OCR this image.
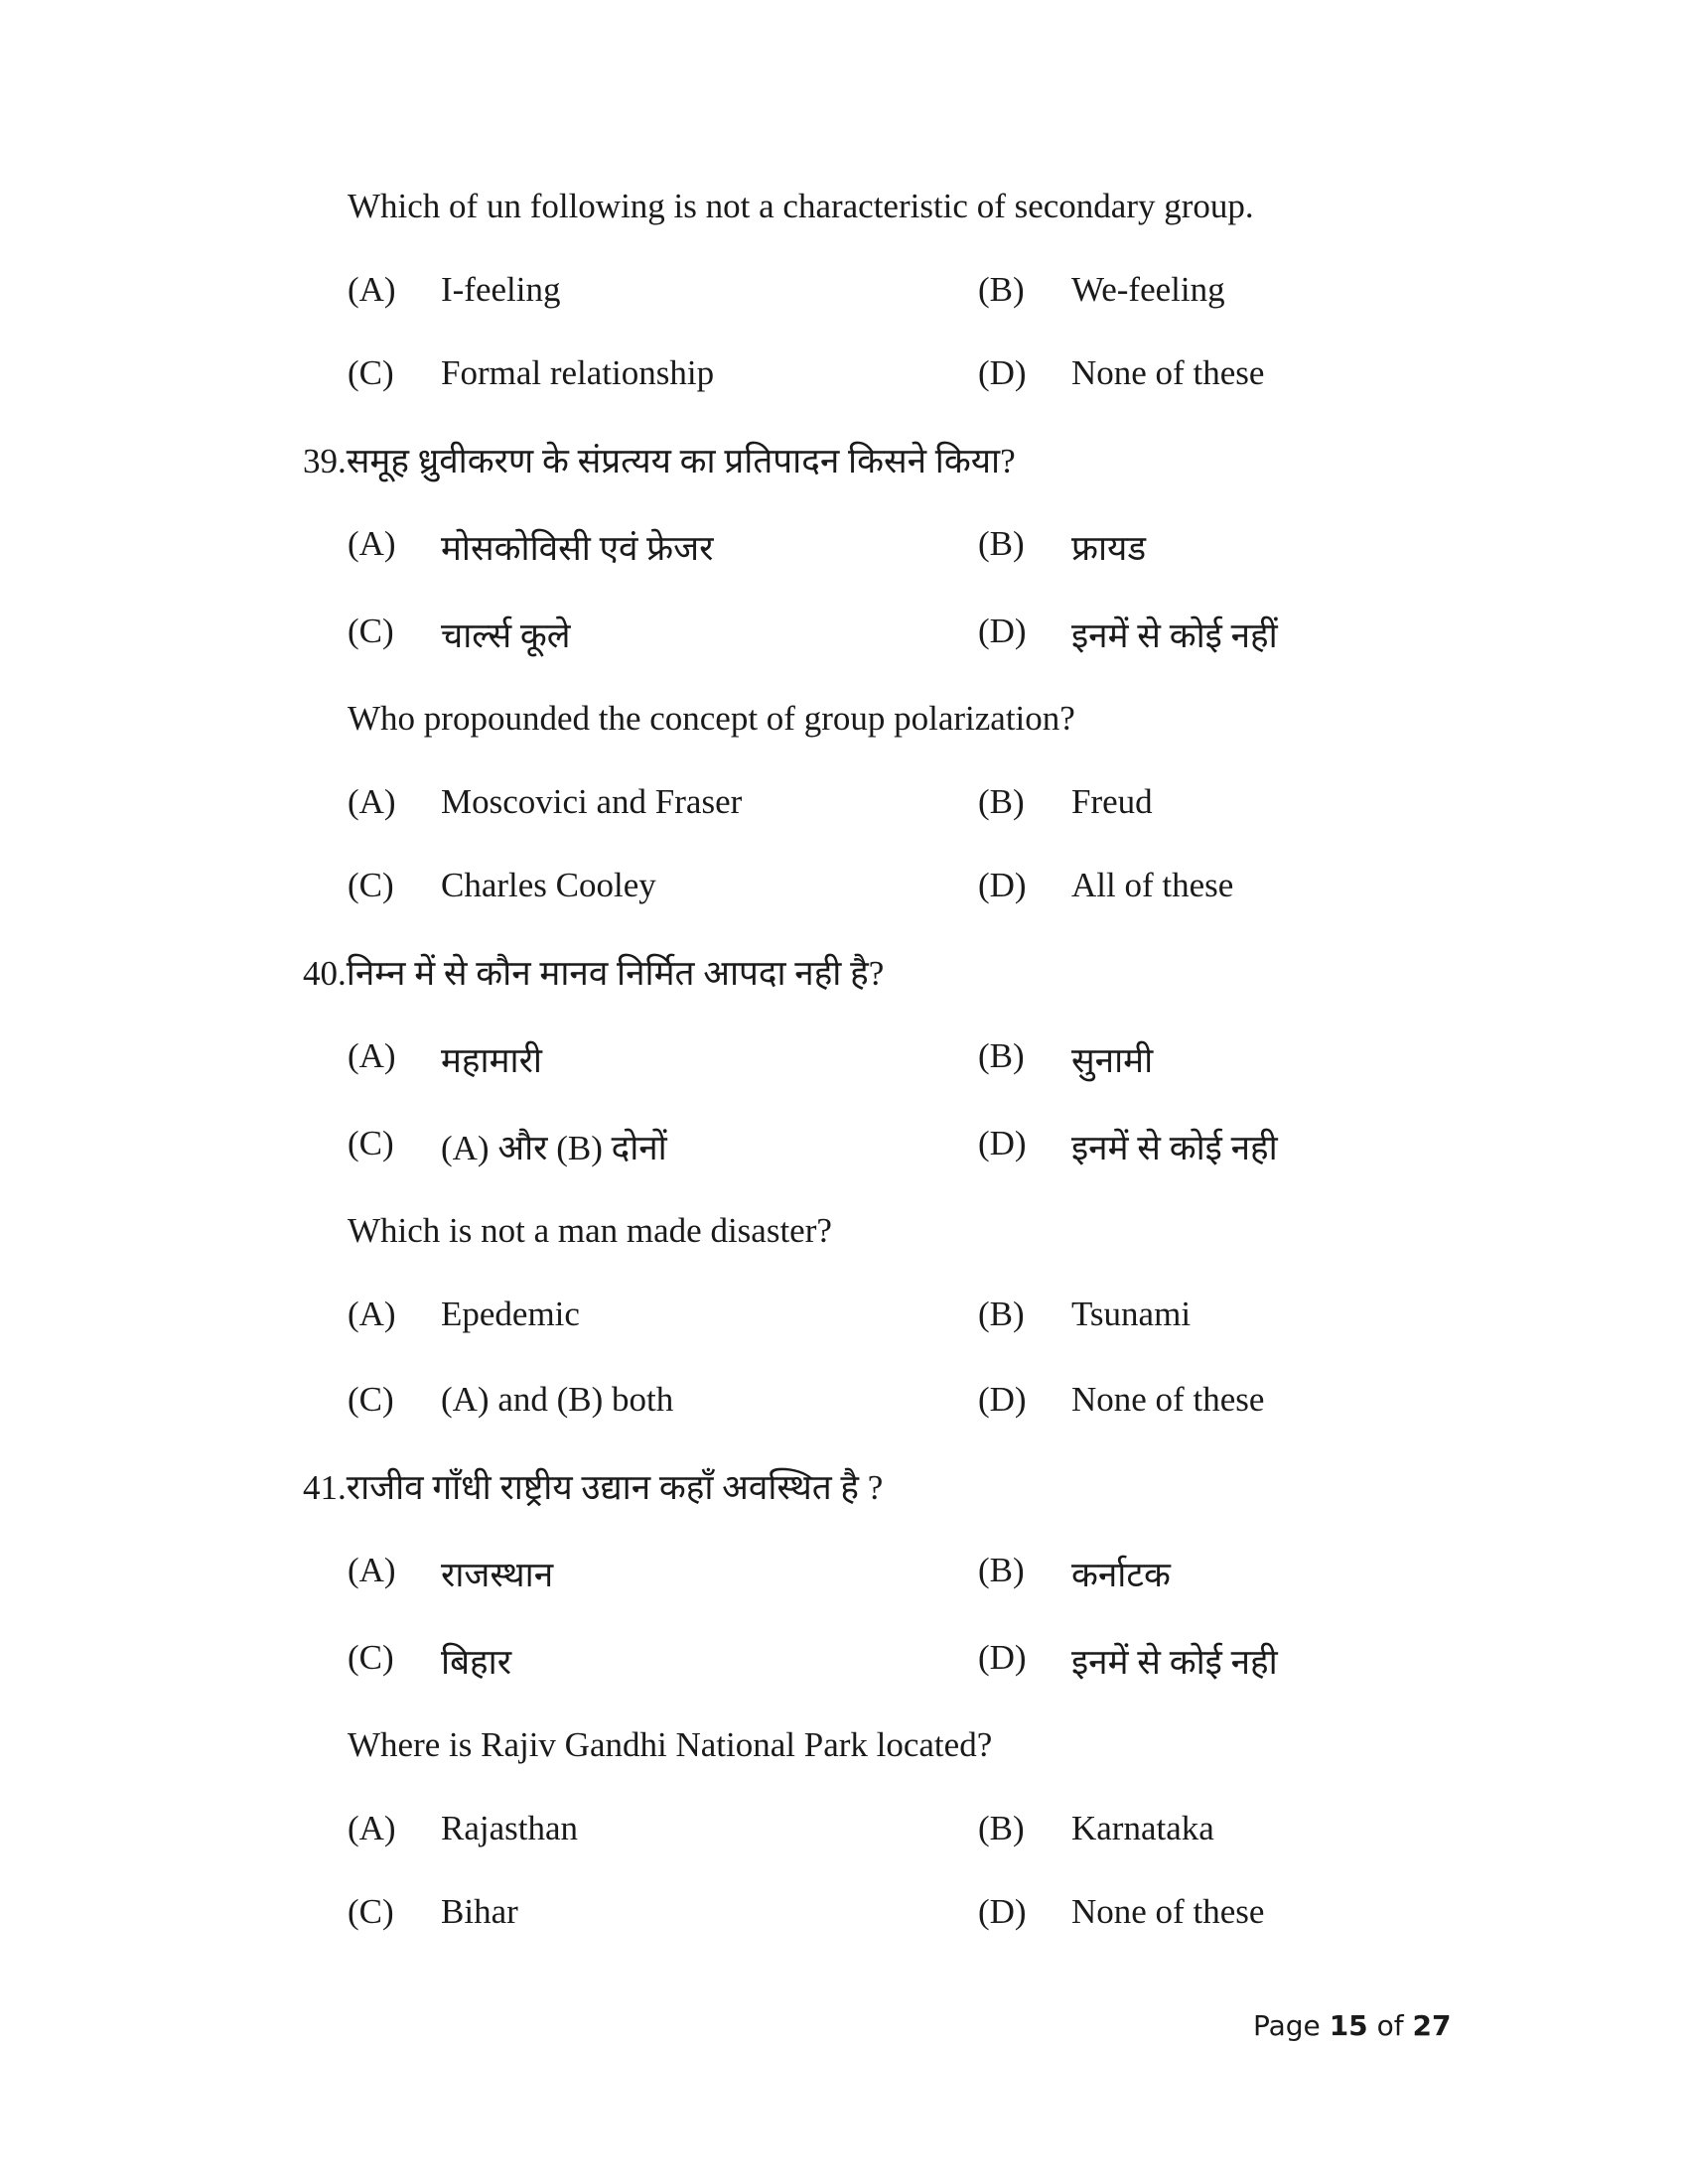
Which of un following is not a characteristic of secondary group.
(A) I-feeling	(B) We-feeling
(C) Formal relationship	(D) None of these
39.समूह ध्रुवीकरण के संप्रत्यय का प्रतिपादन किसने किया?
(A) मोसकोविसी एवं फ्रेजर	(B) फ्रायड
(C) चार्ल्स कूले	(D) इनमें से कोई नहीं
Who propounded the concept of group polarization?
(A) Moscovici and Fraser	(B) Freud
(C) Charles Cooley	(D) All of these
40.निम्न में से कौन मानव निर्मित आपदा नही है?
(A) महामारी	(B) सुनामी
(C) (A) और (B) दोनों	(D) इनमें से कोई नही
Which is not a man made disaster?
(A) Epedemic	(B) Tsunami
(C) (A) and (B) both	(D) None of these
41.राजीव गाँधी राष्ट्रीय उद्यान कहाँ अवस्थित है ?
(A) राजस्थान	(B) कर्नाटक
(C) बिहार	(D) इनमें से कोई नही
Where is Rajiv Gandhi National Park located?
(A) Rajasthan	(B) Karnataka
(C) Bihar	(D) None of these
Page 15 of 27
